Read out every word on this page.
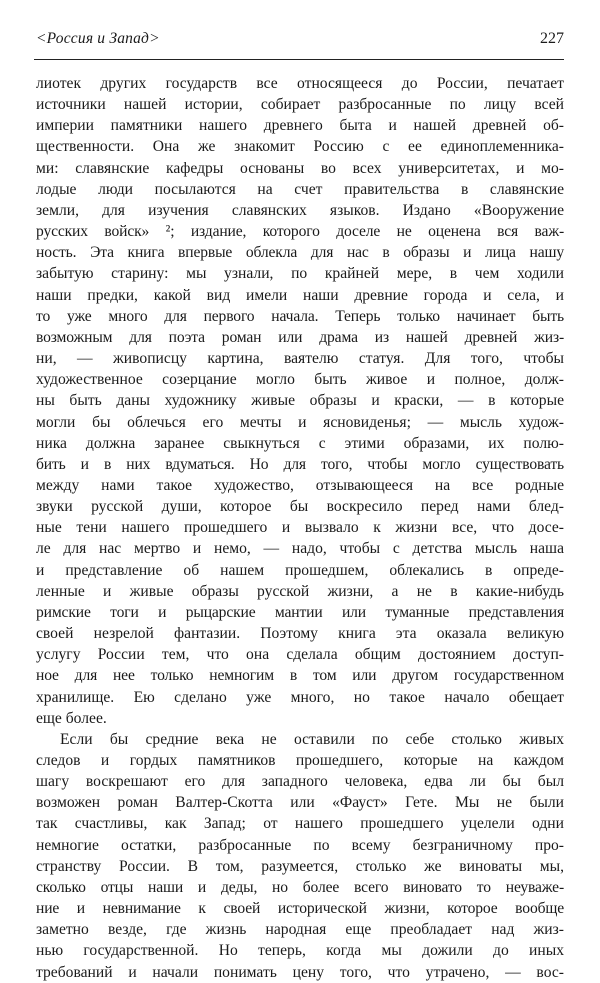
<Россия и Запад>	227
лиотек других государств все относящееся до России, печатает
источники нашей истории, собирает разбросанные по лицу всей
империи памятники нашего древнего быта и нашей древней об-
щественности. Она же знакомит Россию с ее единоплеменника-
ми: славянские кафедры основаны во всех университетах, и мо-
лодые люди посылаются на счет правительства в славянские
земли, для изучения славянских языков. Издано «Вооружение
русских войск» ²; издание, которого доселе не оценена вся важ-
ность. Эта книга впервые облекла для нас в образы и лица нашу
забытую старину: мы узнали, по крайней мере, в чем ходили
наши предки, какой вид имели наши древние города и села, и
то уже много для первого начала. Теперь только начинает быть
возможным для поэта роман или драма из нашей древней жиз-
ни, — живописцу картина, ваятелю статуя. Для того, чтобы
художественное созерцание могло быть живое и полное, долж-
ны быть даны художнику живые образы и краски, — в которые
могли бы облечься его мечты и ясновиденья; — мысль худож-
ника должна заранее свыкнуться с этими образами, их полю-
бить и в них вдуматься. Но для того, чтобы могло существовать
между нами такое художество, отзывающееся на все родные
звуки русской души, которое бы воскресило перед нами блед-
ные тени нашего прошедшего и вызвало к жизни все, что досе-
ле для нас мертво и немо, — надо, чтобы с детства мысль наша
и представление об нашем прошедшем, облекались в опреде-
ленные и живые образы русской жизни, а не в какие-нибудь
римские тоги и рыцарские мантии или туманные представления
своей незрелой фантазии. Поэтому книга эта оказала великую
услугу России тем, что она сделала общим достоянием доступ-
ное для нее только немногим в том или другом государственном
хранилище. Ею сделано уже много, но такое начало обещает
еще более.
Если бы средние века не оставили по себе столько живых
следов и гордых памятников прошедшего, которые на каждом
шагу воскрешают его для западного человека, едва ли бы был
возможен роман Валтер-Скотта или «Фауст» Гете. Мы не были
так счастливы, как Запад; от нашего прошедшего уцелели одни
немногие остатки, разбросанные по всему безграничному про-
странству России. В том, разумеется, столько же виноваты мы,
сколько отцы наши и деды, но более всего виновато то неуваже-
ние и невнимание к своей исторической жизни, которое вообще
заметно везде, где жизнь народная еще преобладает над жиз-
нью государственной. Но теперь, когда мы дожили до иных
требований и начали понимать цену того, что утрачено, — вос-
